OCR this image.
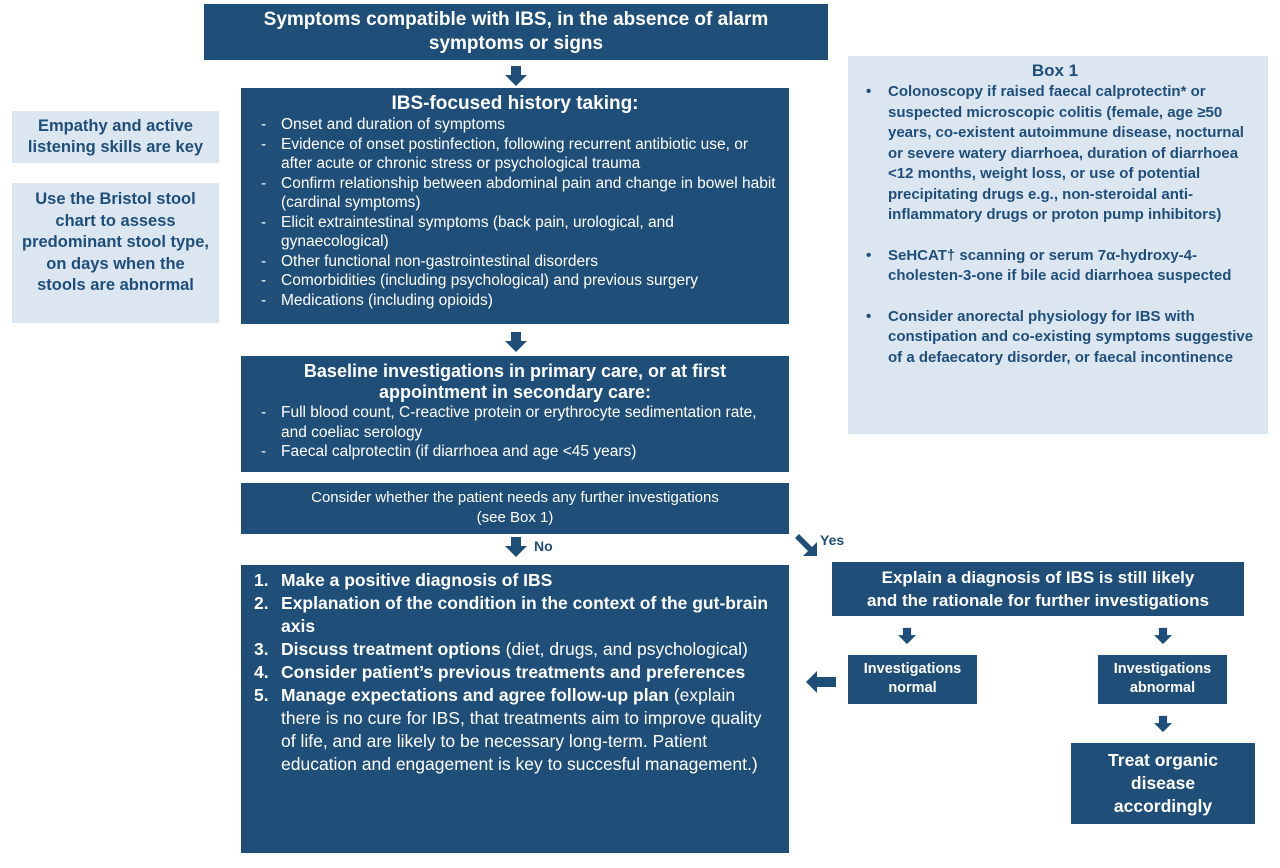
Symptoms compatible with IBS, in the absence of alarm
symptoms or signs
IBS-focused history taking:
- Onset and duration of symptoms
- Evidence of onset postinfection, following recurrent antibiotic use, or after acute or chronic stress or psychological trauma
- Confirm relationship between abdominal pain and change in bowel habit (cardinal symptoms)
- Elicit extraintestinal symptoms (back pain, urological, and gynaecological)
- Other functional non-gastrointestinal disorders
- Comorbidities (including psychological) and previous surgery
- Medications (including opioids)
Empathy and active listening skills are key
Use the Bristol stool chart to assess predominant stool type, on days when the stools are abnormal
Baseline investigations in primary care, or at first appointment in secondary care:
- Full blood count, C-reactive protein or erythrocyte sedimentation rate, and coeliac serology
- Faecal calprotectin (if diarrhoea and age <45 years)
Consider whether the patient needs any further investigations
(see Box 1)
No	Yes
1. Make a positive diagnosis of IBS
2. Explanation of the condition in the context of the gut-brain axis
3. Discuss treatment options (diet, drugs, and psychological)
4. Consider patient’s previous treatments and preferences
5. Manage expectations and agree follow-up plan (explain there is no cure for IBS, that treatments aim to improve quality of life, and are likely to be necessary long-term. Patient education and engagement is key to succesful management.)
Box 1
• Colonoscopy if raised faecal calprotectin* or suspected microscopic colitis (female, age ≥50 years, co-existent autoimmune disease, nocturnal or severe watery diarrhoea, duration of diarrhoea <12 months, weight loss, or use of potential precipitating drugs e.g., non-steroidal anti-inflammatory drugs or proton pump inhibitors)
• SeHCAT† scanning or serum 7α-hydroxy-4-cholesten-3-one if bile acid diarrhoea suspected
• Consider anorectal physiology for IBS with constipation and co-existing symptoms suggestive of a defaecatory disorder, or faecal incontinence
Explain a diagnosis of IBS is still likely
and the rationale for further investigations
Investigations
normal
Investigations
abnormal
Treat organic disease accordingly
